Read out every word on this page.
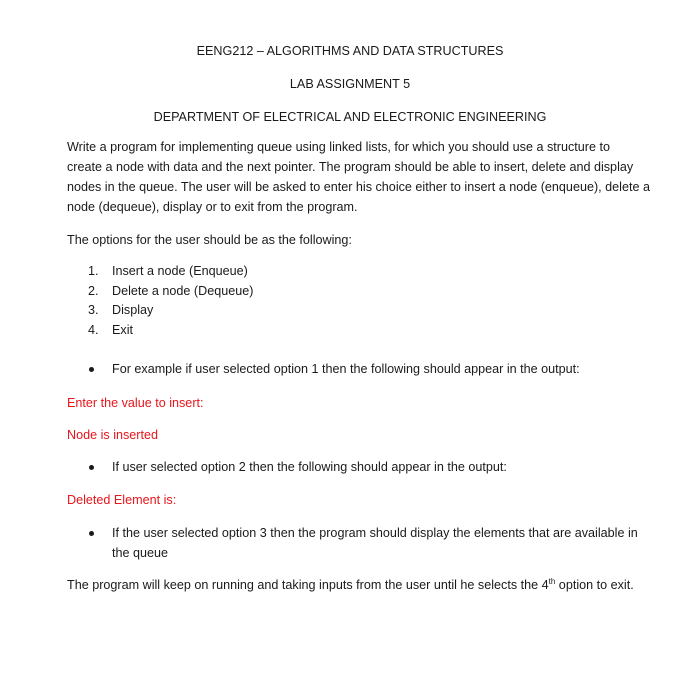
EENG212 – ALGORITHMS AND DATA STRUCTURES
LAB ASSIGNMENT 5
DEPARTMENT OF ELECTRICAL AND ELECTRONIC ENGINEERING
Write a program for implementing queue using linked lists, for which you should use a structure to
create a node with data and the next pointer. The program should be able to insert, delete and display
nodes in the queue. The user will be asked to enter his choice either to insert a node (enqueue), delete a
node (dequeue), display or to exit from the program.
The options for the user should be as the following:
1. Insert a node (Enqueue)
2. Delete a node (Dequeue)
3. Display
4. Exit
For example if user selected option 1 then the following should appear in the output:
Enter the value to insert:
Node is inserted
If user selected option 2 then the following should appear in the output:
Deleted Element is:
If the user selected option 3 then the program should display the elements that are available in
the queue
The program will keep on running and taking inputs from the user until he selects the 4th option to exit.
